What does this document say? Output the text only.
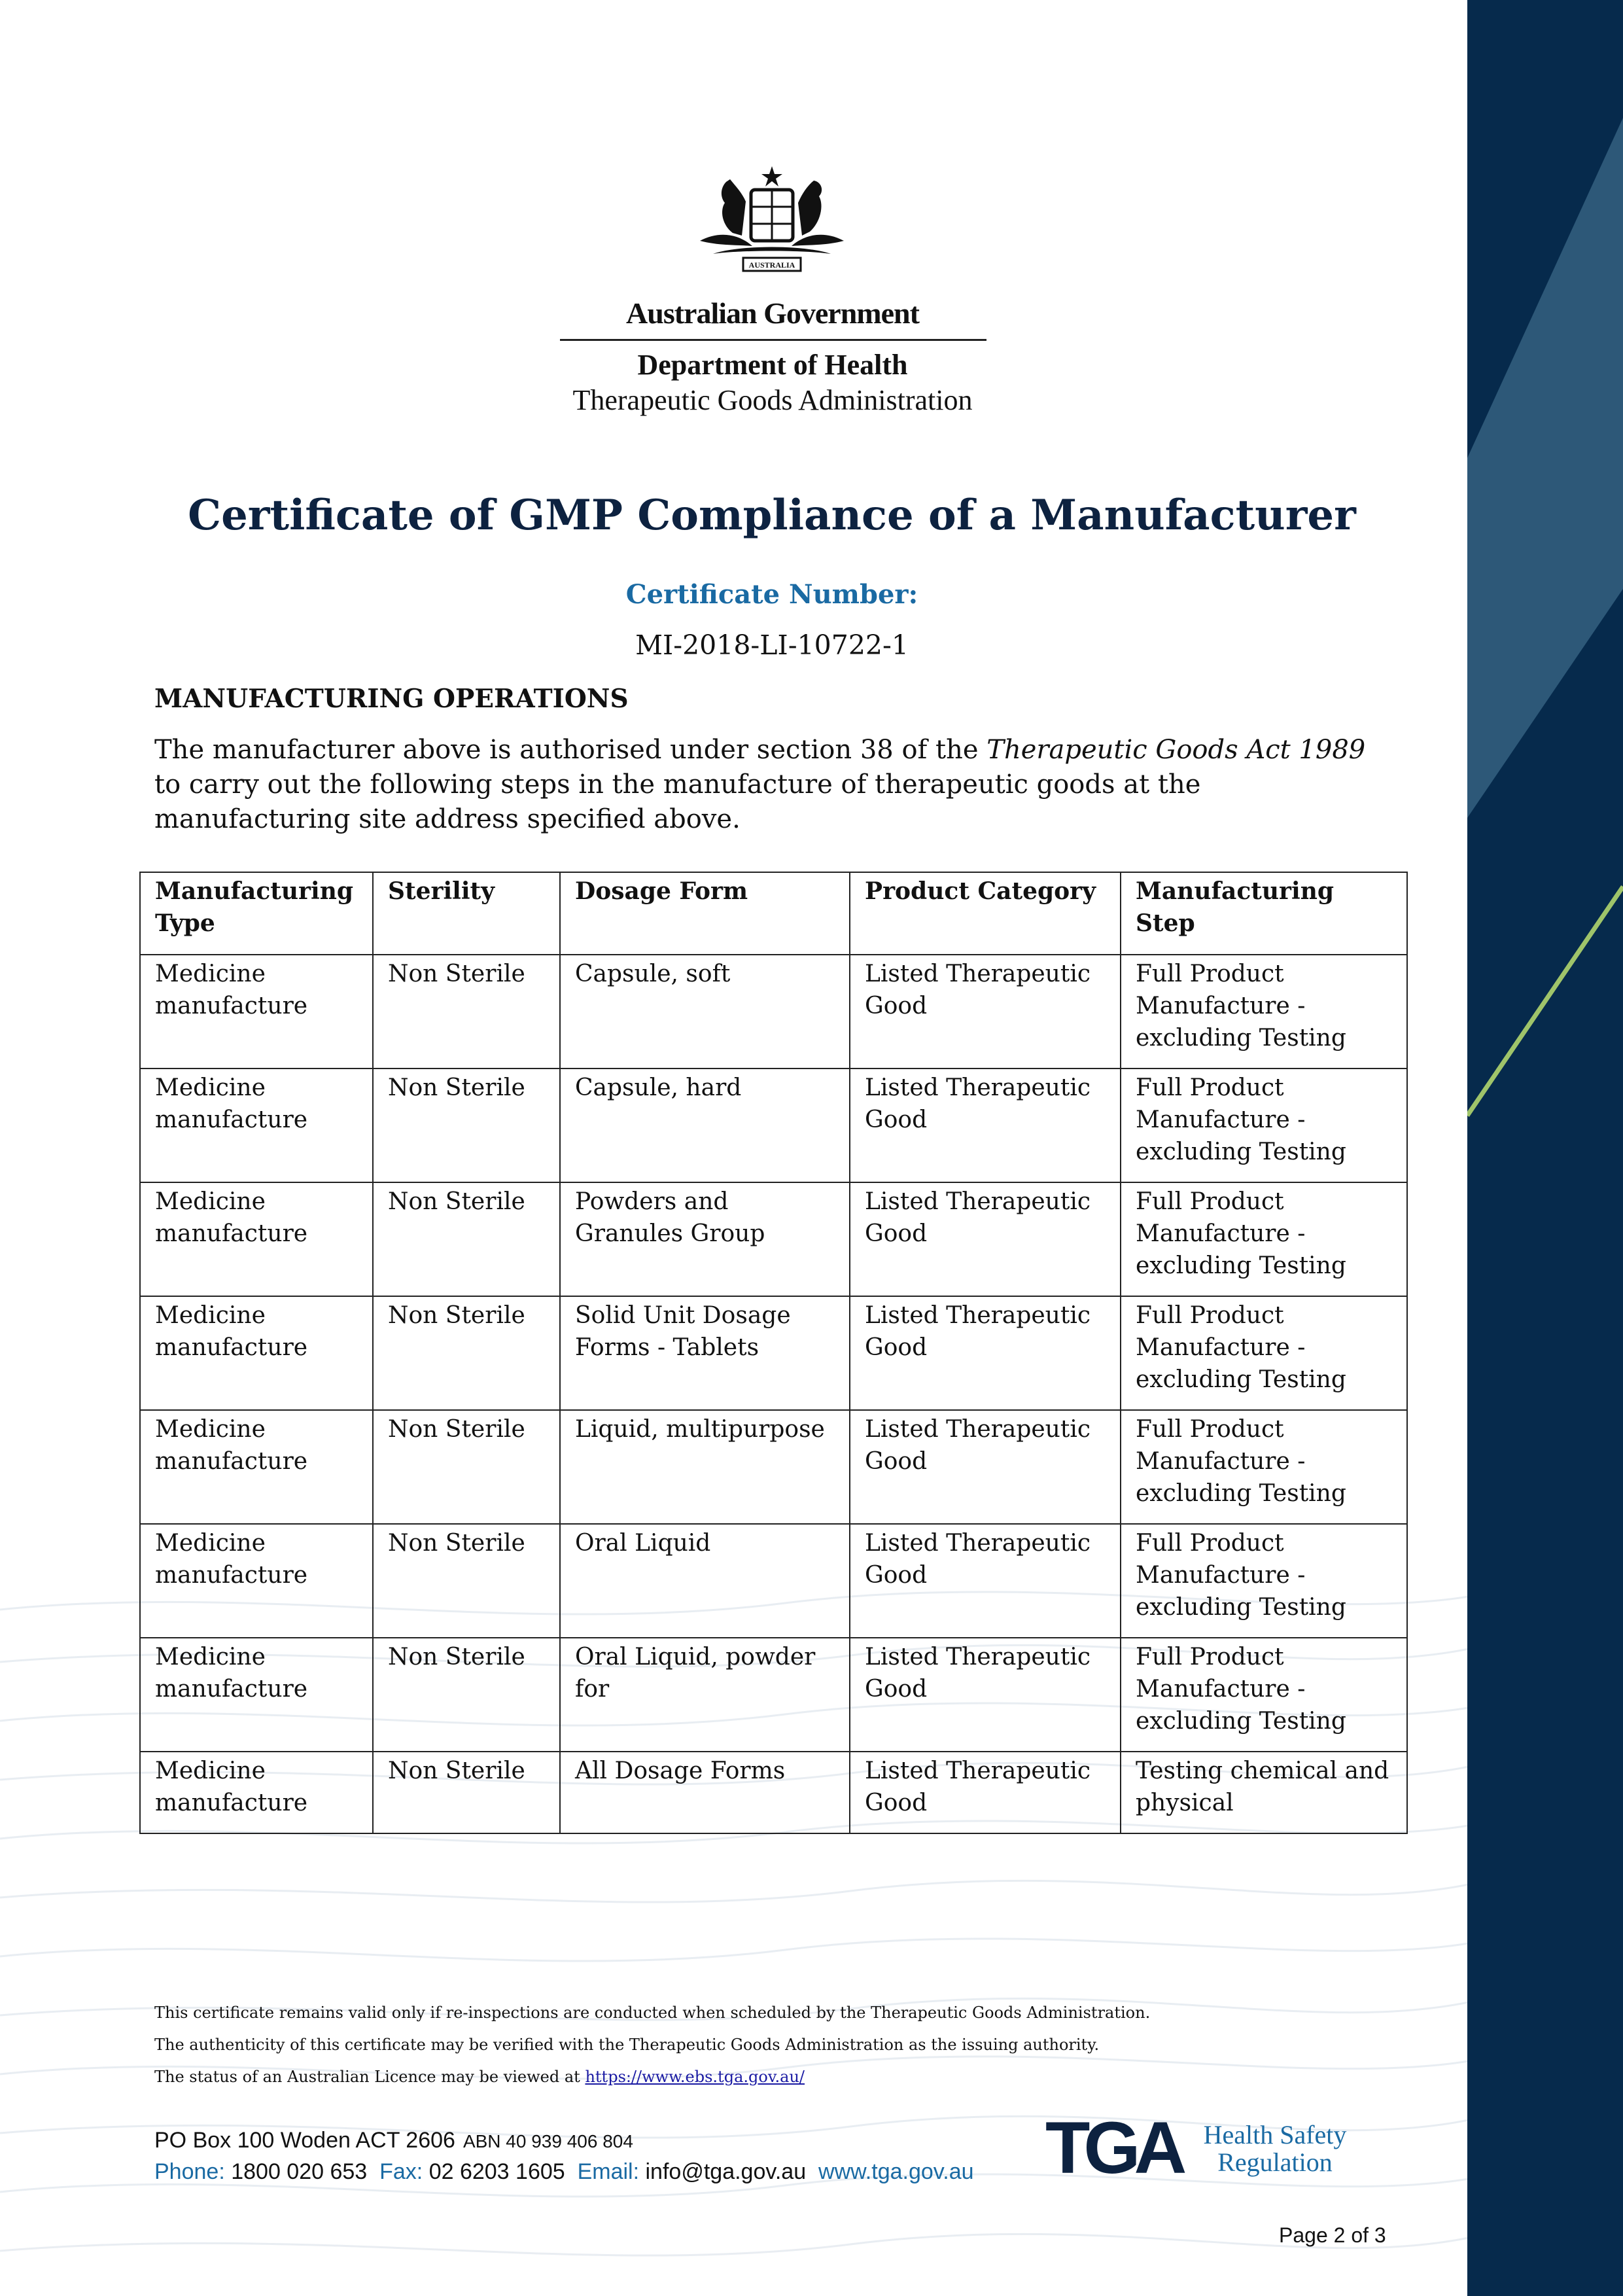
AUSTRALIA
Australian Government
Department of Health
Therapeutic Goods Administration
Certificate of GMP Compliance of a Manufacturer
Certificate Number:
MI-2018-LI-10722-1
MANUFACTURING OPERATIONS
The manufacturer above is authorised under section 38 of the Therapeutic Goods Act 1989 to carry out the following steps in the manufacture of therapeutic goods at the manufacturing site address specified above.
Manufacturing Type	Sterility	Dosage Form	Product Category	Manufacturing Step
Medicine manufacture	Non Sterile	Capsule, soft	Listed Therapeutic Good	Full Product Manufacture - excluding Testing
Medicine manufacture	Non Sterile	Capsule, hard	Listed Therapeutic Good	Full Product Manufacture - excluding Testing
Medicine manufacture	Non Sterile	Powders and Granules Group	Listed Therapeutic Good	Full Product Manufacture - excluding Testing
Medicine manufacture	Non Sterile	Solid Unit Dosage Forms - Tablets	Listed Therapeutic Good	Full Product Manufacture - excluding Testing
Medicine manufacture	Non Sterile	Liquid, multipurpose	Listed Therapeutic Good	Full Product Manufacture - excluding Testing
Medicine manufacture	Non Sterile	Oral Liquid	Listed Therapeutic Good	Full Product Manufacture - excluding Testing
Medicine manufacture	Non Sterile	Oral Liquid, powder for	Listed Therapeutic Good	Full Product Manufacture - excluding Testing
Medicine manufacture	Non Sterile	All Dosage Forms	Listed Therapeutic Good	Testing chemical and physical
This certificate remains valid only if re-inspections are conducted when scheduled by the Therapeutic Goods Administration.
The authenticity of this certificate may be verified with the Therapeutic Goods Administration as the issuing authority.
The status of an Australian Licence may be viewed at https://www.ebs.tga.gov.au/
PO Box 100 Woden ACT 2606 ABN 40 939 406 804
Phone: 1800 020 653 Fax: 02 6203 1605 Email: info@tga.gov.au www.tga.gov.au TGA Health Safety
Regulation
Page 2 of 3
